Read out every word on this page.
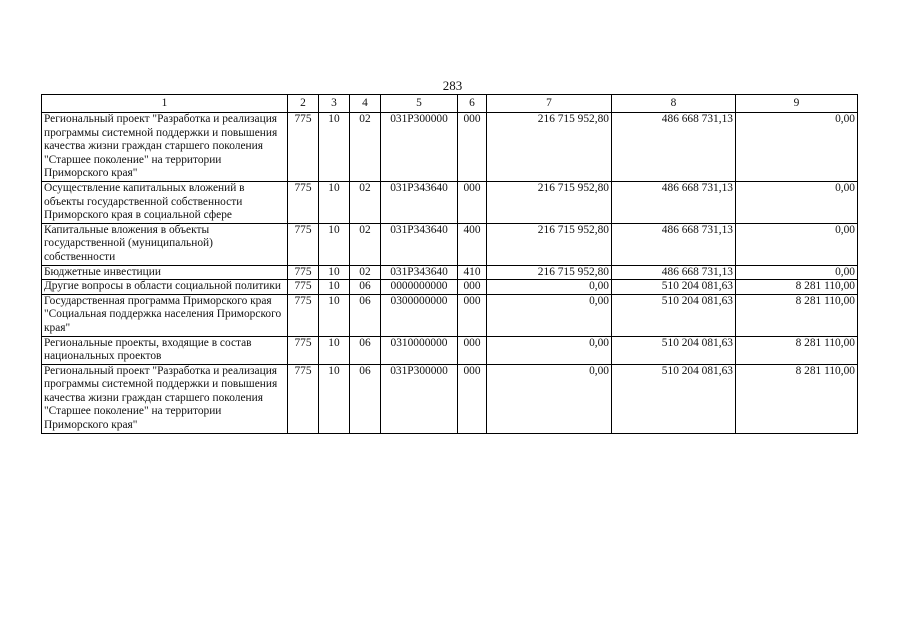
283
1	2	3	4	5	6	7	8	9
Региональный проект "Разработка и реализация программы системной поддержки и повышения качества жизни граждан старшего поколения "Старшее поколение" на территории Приморского края"	775	10	02	031P300000	000	216 715 952,80	486 668 731,13	0,00
Осуществление капитальных вложений в объекты государственной собственности Приморского края в социальной сфере	775	10	02	031P343640	000	216 715 952,80	486 668 731,13	0,00
Капитальные вложения в объекты государственной (муниципальной) собственности	775	10	02	031P343640	400	216 715 952,80	486 668 731,13	0,00
Бюджетные инвестиции	775	10	02	031P343640	410	216 715 952,80	486 668 731,13	0,00
Другие вопросы в области социальной политики	775	10	06	0000000000	000	0,00	510 204 081,63	8 281 110,00
Государственная программа Приморского края "Социальная поддержка населения Приморского края"	775	10	06	0300000000	000	0,00	510 204 081,63	8 281 110,00
Региональные проекты, входящие в состав национальных проектов	775	10	06	0310000000	000	0,00	510 204 081,63	8 281 110,00
Региональный проект "Разработка и реализация программы системной поддержки и повышения качества жизни граждан старшего поколения "Старшее поколение" на территории Приморского края"	775	10	06	031P300000	000	0,00	510 204 081,63	8 281 110,00
